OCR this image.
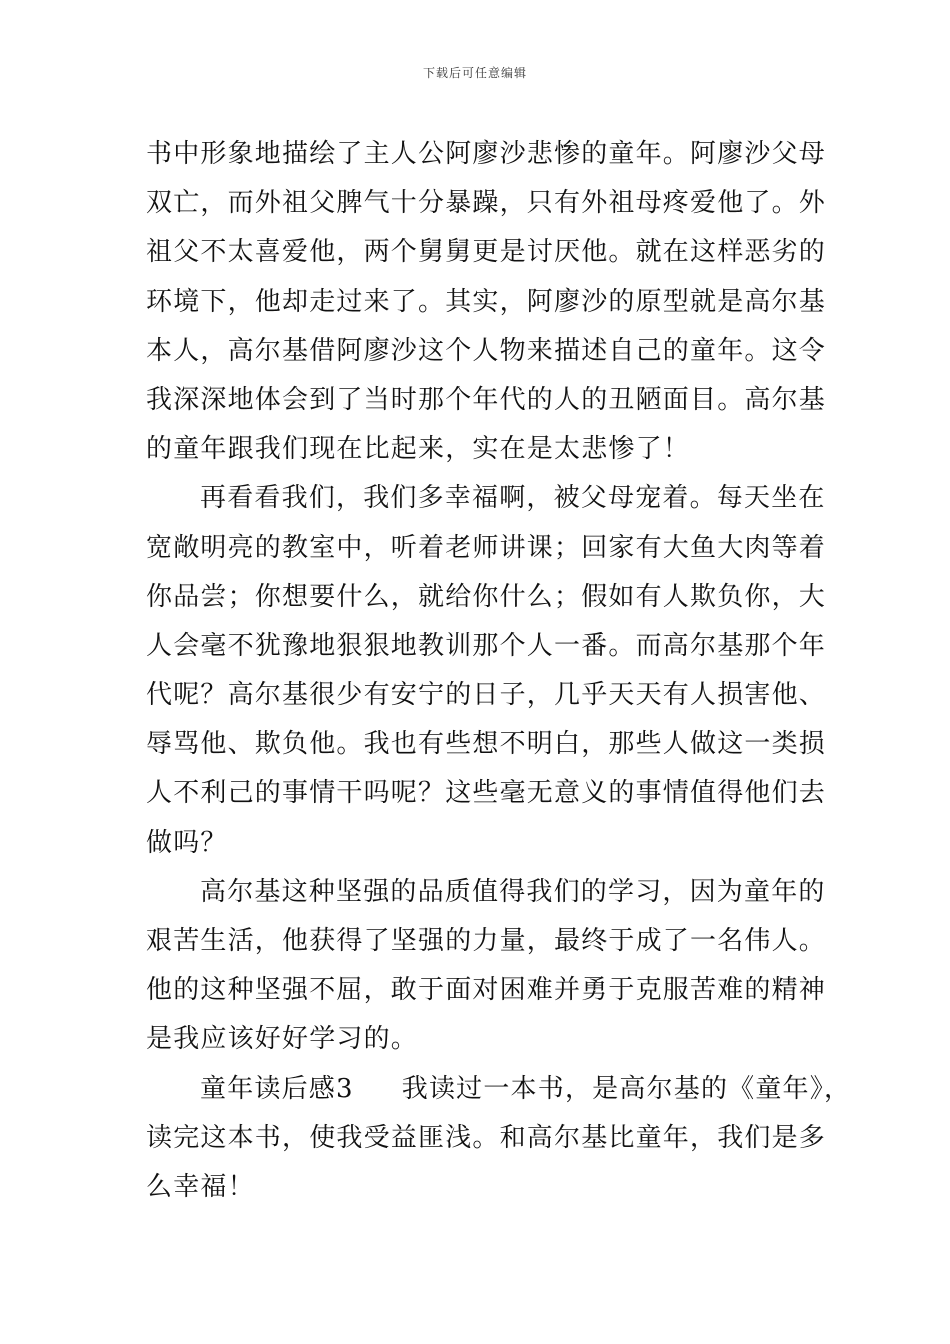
下载后可任意编辑
书中形象地描绘了主人公阿廖沙悲惨的童年。阿廖沙父母
双亡，而外祖父脾气十分暴躁，只有外祖母疼爱他了。外
祖父不太喜爱他，两个舅舅更是讨厌他。就在这样恶劣的
环境下，他却走过来了。其实，阿廖沙的原型就是高尔基
本人，高尔基借阿廖沙这个人物来描述自己的童年。这令
我深深地体会到了当时那个年代的人的丑陋面目。高尔基
的童年跟我们现在比起来，实在是太悲惨了！
再看看我们，我们多幸福啊，被父母宠着。每天坐在
宽敞明亮的教室中，听着老师讲课；回家有大鱼大肉等着
你品尝；你想要什么，就给你什么；假如有人欺负你，大
人会毫不犹豫地狠狠地教训那个人一番。而高尔基那个年
代呢？高尔基很少有安宁的日子，几乎天天有人损害他、
辱骂他、欺负他。我也有些想不明白，那些人做这一类损
人不利己的事情干吗呢？这些毫无意义的事情值得他们去
做吗？
高尔基这种坚强的品质值得我们的学习，因为童年的
艰苦生活，他获得了坚强的力量，最终于成了一名伟人。
他的这种坚强不屈，敢于面对困难并勇于克服苦难的精神
是我应该好好学习的。
童年读后感3 我读过一本书，是高尔基的《童年》，
读完这本书，使我受益匪浅。和高尔基比童年，我们是多
么幸福！
